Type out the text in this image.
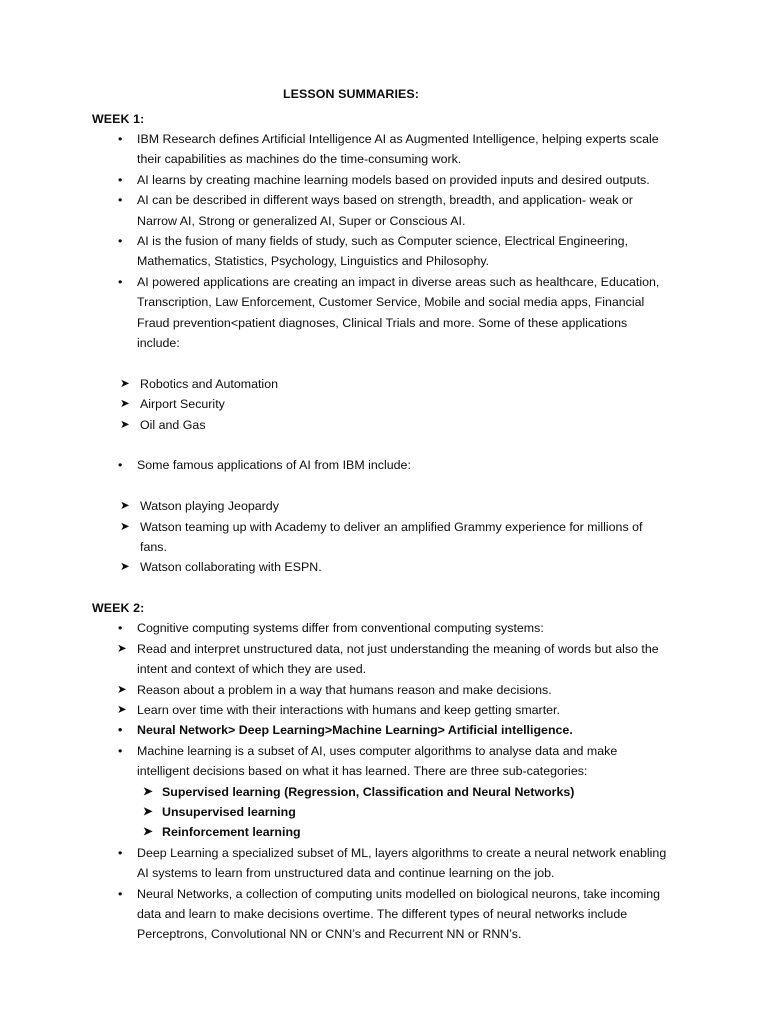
LESSON SUMMARIES:
WEEK 1:
• IBM Research defines Artificial Intelligence AI as Augmented Intelligence, helping experts scale their capabilities as machines do the time-consuming work.
• AI learns by creating machine learning models based on provided inputs and desired outputs.
• AI can be described in different ways based on strength, breadth, and application- weak or Narrow AI, Strong or generalized AI, Super or Conscious AI.
• AI is the fusion of many fields of study, such as Computer science, Electrical Engineering, Mathematics, Statistics, Psychology, Linguistics and Philosophy.
• AI powered applications are creating an impact in diverse areas such as healthcare, Education, Transcription, Law Enforcement, Customer Service, Mobile and social media apps, Financial Fraud prevention<patient diagnoses, Clinical Trials and more. Some of these applications include:
➤ Robotics and Automation
➤ Airport Security
➤ Oil and Gas
• Some famous applications of AI from IBM include:
➤ Watson playing Jeopardy
➤ Watson teaming up with Academy to deliver an amplified Grammy experience for millions of fans.
➤ Watson collaborating with ESPN.
WEEK 2:
• Cognitive computing systems differ from conventional computing systems:
➤ Read and interpret unstructured data, not just understanding the meaning of words but also the intent and context of which they are used.
➤ Reason about a problem in a way that humans reason and make decisions.
➤ Learn over time with their interactions with humans and keep getting smarter.
• Neural Network> Deep Learning>Machine Learning> Artificial intelligence.
• Machine learning is a subset of AI, uses computer algorithms to analyse data and make intelligent decisions based on what it has learned. There are three sub-categories:
➤ Supervised learning (Regression, Classification and Neural Networks)
➤ Unsupervised learning
➤ Reinforcement learning
• Deep Learning a specialized subset of ML, layers algorithms to create a neural network enabling AI systems to learn from unstructured data and continue learning on the job.
• Neural Networks, a collection of computing units modelled on biological neurons, take incoming data and learn to make decisions overtime. The different types of neural networks include Perceptrons, Convolutional NN or CNN’s and Recurrent NN or RNN’s.
